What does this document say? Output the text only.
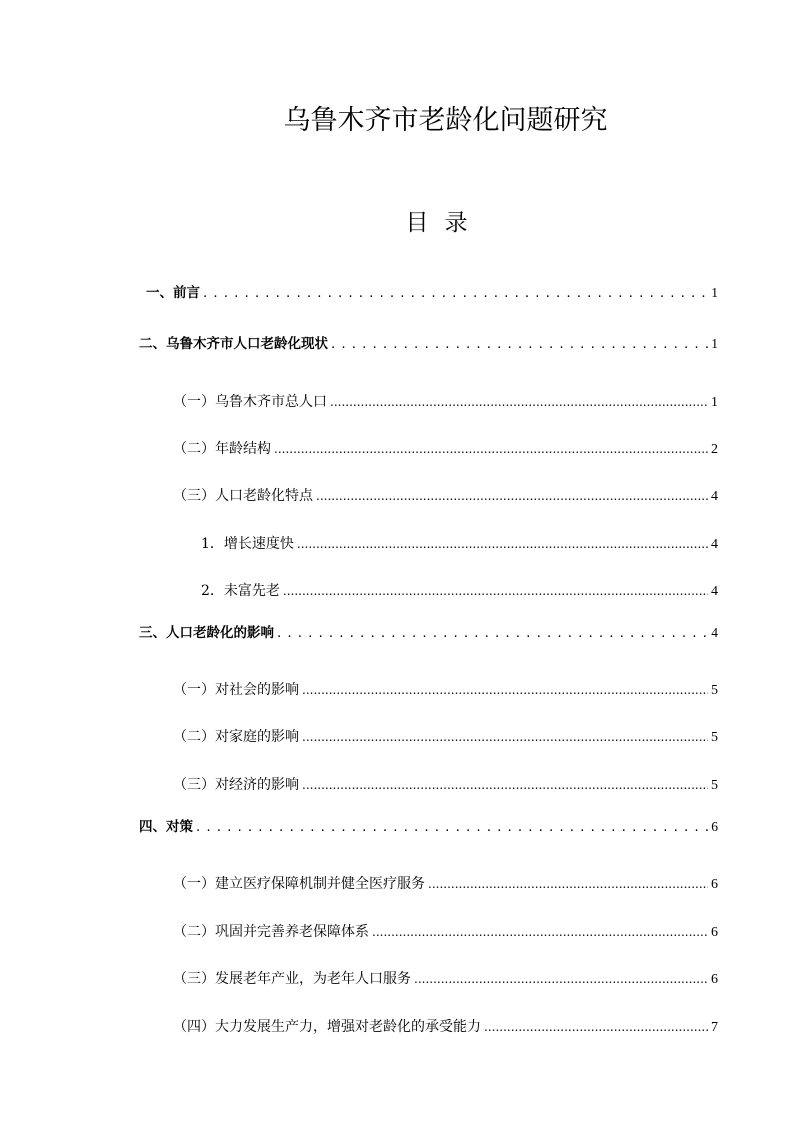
乌鲁木齐市老龄化问题研究
目 录
一、前言 . . .	1
二、乌鲁木齐市人口老龄化现状 . . .	1
（一）乌鲁木齐市总人口 .....	1
（二）年龄结构 .....	2
（三）人口老龄化特点 .....	4
1．增长速度快 .....	4
2．未富先老 .....	4
三、人口老龄化的影响 . . .	4
（一）对社会的影响 .....	5
（二）对家庭的影响 .....	5
（三）对经济的影响 .....	5
四、对策 . . .	6
（一）建立医疗保障机制并健全医疗服务 .....	6
（二）巩固并完善养老保障体系 .....	6
（三）发展老年产业，为老年人口服务 .....	6
（四）大力发展生产力，增强对老龄化的承受能力 .....	7
